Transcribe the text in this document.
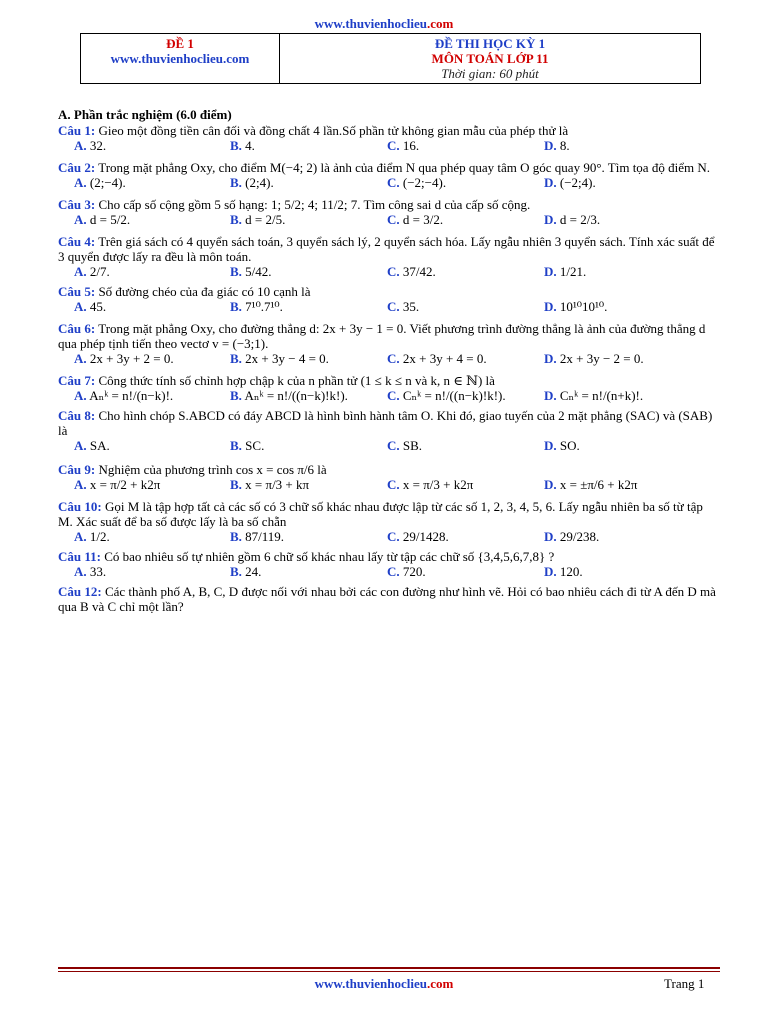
www.thuvienhoclieu.com
ĐỀ 1
www.thuvienhoclieu.com

ĐỀ THI HỌC KỲ 1
MÔN TOÁN LỚP 11
Thời gian: 60 phút
A. Phần trắc nghiệm (6.0 điểm)
Câu 1: Gieo một đồng tiền cân đối và đồng chất 4 lần.Số phần tử không gian mẫu của phép thử là
A. 32.	B. 4.	C. 16.	D. 8.
Câu 2: Trong mặt phẳng Oxy, cho điểm M(−4; 2) là ảnh của điểm N qua phép quay tâm O góc quay 90°. Tìm tọa độ điểm N.
A. (2;−4).	B. (2;4).	C. (−2;−4).	D. (−2;4).
Câu 3: Cho cấp số cộng gồm 5 số hạng: 1; 5/2; 4; 11/2; 7. Tìm công sai d của cấp số cộng.
A. d = 5/2.	B. d = 2/5.	C. d = 3/2.	D. d = 2/3.
Câu 4: Trên giá sách có 4 quyển sách toán, 3 quyển sách lý, 2 quyển sách hóa. Lấy ngẫu nhiên 3 quyển sách. Tính xác suất để 3 quyển được lấy ra đều là môn toán.
A. 2/7.	B. 5/42.	C. 37/42.	D. 1/21.
Câu 5: Số đường chéo của đa giác có 10 cạnh là
A. 45.	B. 7¹⁰.7¹⁰.	C. 35.	D. 10¹⁰10¹⁰.
Câu 6: Trong mặt phẳng Oxy, cho đường thẳng d: 2x + 3y − 1 = 0. Viết phương trình đường thẳng là ảnh của đường thẳng d qua phép tịnh tiến theo vectơ v = (−3;1).
A. 2x + 3y + 2 = 0.	B. 2x + 3y − 4 = 0.	C. 2x + 3y + 4 = 0.	D. 2x + 3y − 2 = 0.
Câu 7: Công thức tính số chỉnh hợp chập k của n phần tử (1 ≤ k ≤ n và k, n ∈ ℕ) là
A. Aₙᵏ = n!/(n−k)!.	B. Aₙᵏ = n!/((n−k)!k!).	C. Cₙᵏ = n!/((n−k)!k!).	D. Cₙᵏ = n!/(n+k)!.
Câu 8: Cho hình chóp S.ABCD có đáy ABCD là hình bình hành tâm O. Khi đó, giao tuyến của 2 mặt phẳng (SAC) và (SAB) là
A. SA.	B. SC.	C. SB.	D. SO.
Câu 9: Nghiệm của phương trình cos x = cos π/6 là
A. x = π/2 + k2π	B. x = π/3 + kπ	C. x = π/3 + k2π	D. x = ±π/6 + k2π
Câu 10: Gọi M là tập hợp tất cả các số có 3 chữ số khác nhau được lập từ các số 1, 2, 3, 4, 5, 6. Lấy ngẫu nhiên ba số từ tập M. Xác suất để ba số được lấy là ba số chẵn
A. 1/2.	B. 87/119.	C. 29/1428.	D. 29/238.
Câu 11: Có bao nhiêu số tự nhiên gồm 6 chữ số khác nhau lấy từ tập các chữ số {3,4,5,6,7,8} ?
A. 33.	B. 24.	C. 720.	D. 120.
Câu 12: Các thành phố A, B, C, D được nối với nhau bởi các con đường như hình vẽ. Hỏi có bao nhiêu cách đi từ A đến D mà qua B và C chỉ một lần?
www.thuvienhoclieu.com	Trang 1
